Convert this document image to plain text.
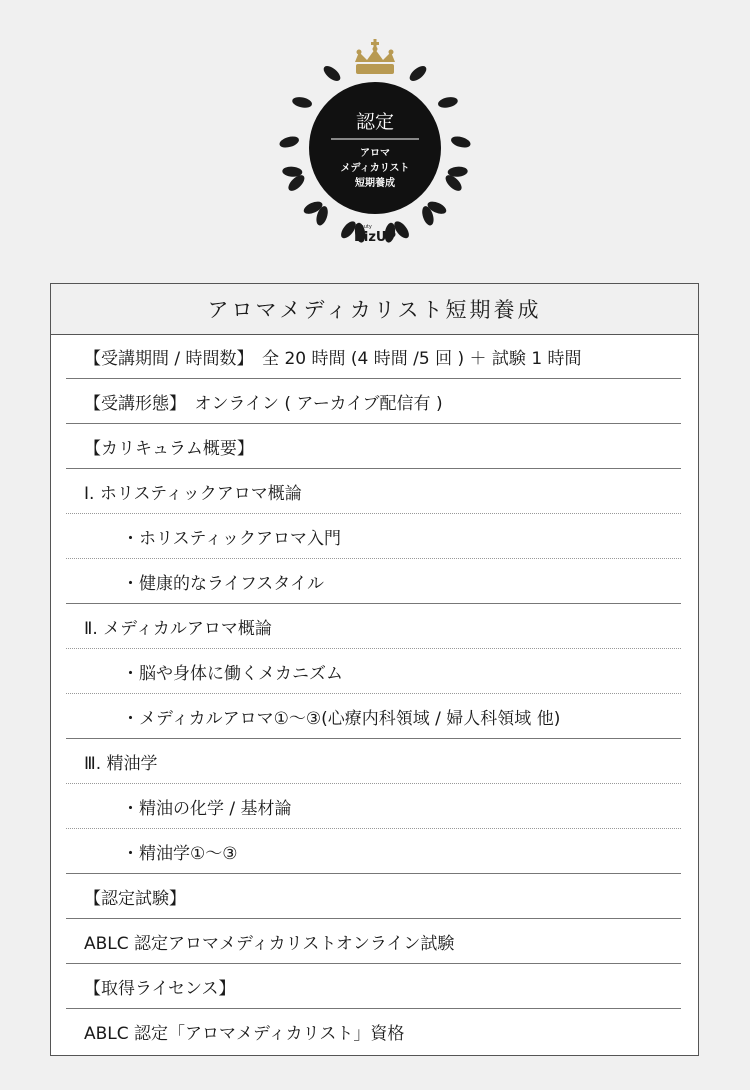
認定
アロマ
メディカリスト
短期養成
Beauty
BizUP
アロマメディカリスト短期養成
【受講期間 / 時間数】　全 20 時間 (4 時間 /5 回 ) ＋ 試験 1 時間
【受講形態】　オンライン ( アーカイブ配信有 )
【カリキュラム概要】
Ⅰ. ホリスティックアロマ概論
・ホリスティックアロマ入門
・健康的なライフスタイル
Ⅱ. メディカルアロマ概論
・脳や身体に働くメカニズム
・メディカルアロマ①～③(心療内科領域 / 婦人科領域 他)
Ⅲ. 精油学
・精油の化学 / 基材論
・精油学①～③
【認定試験】
ABLC 認定アロマメディカリストオンライン試験
【取得ライセンス】
ABLC 認定「アロマメディカリスト」資格
